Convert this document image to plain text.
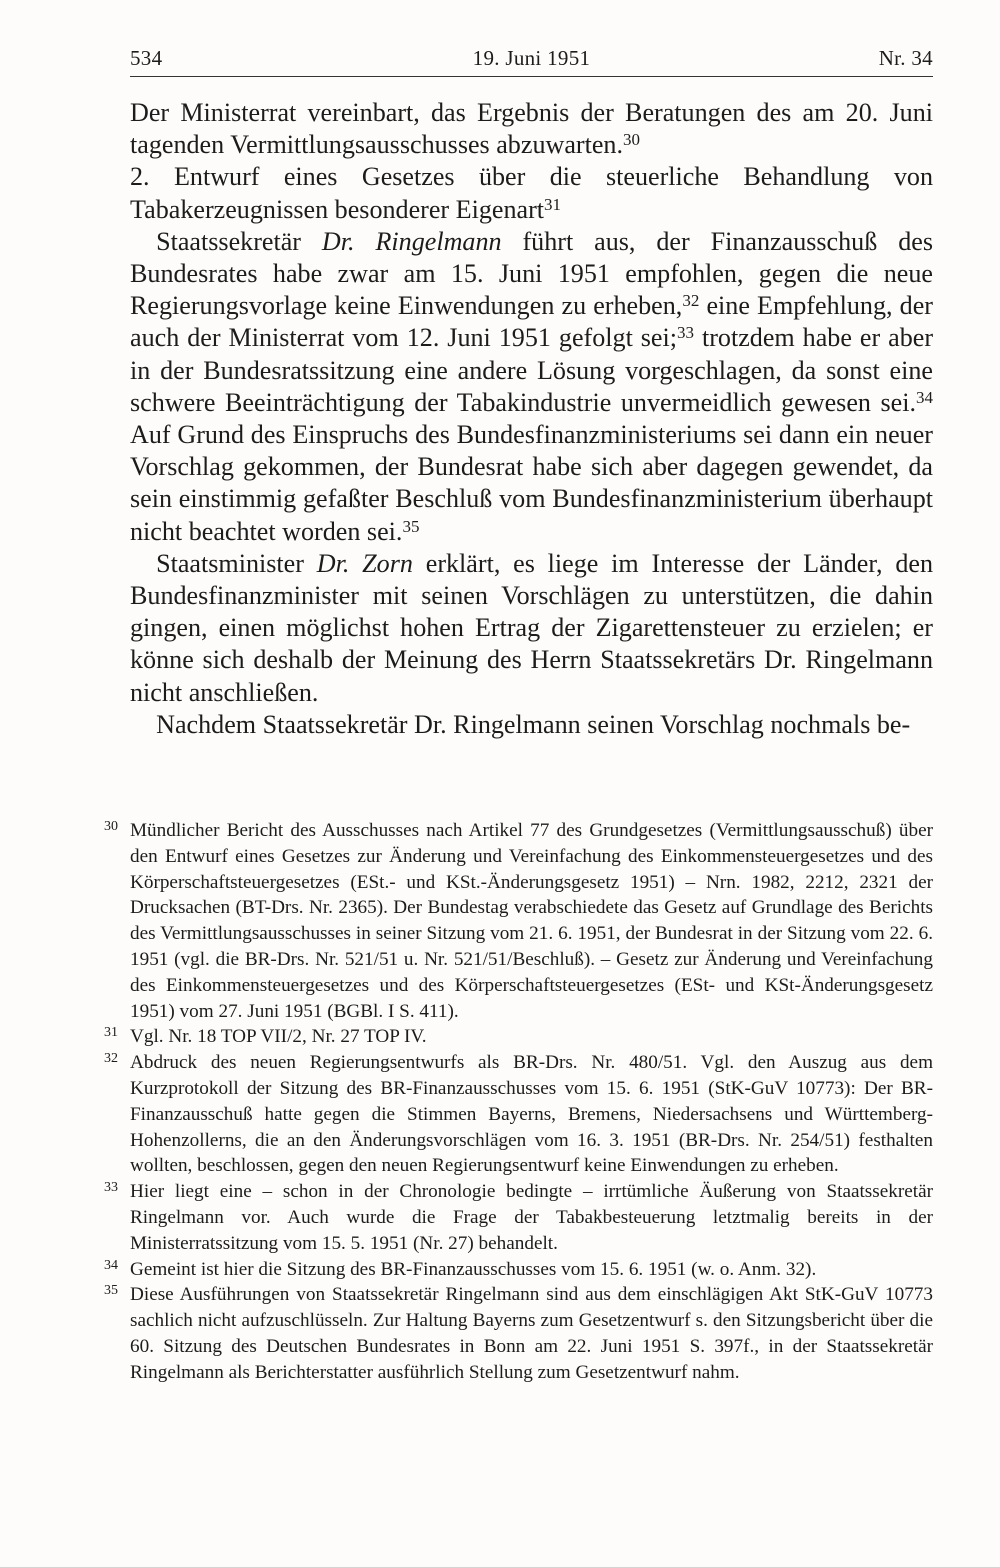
534	19. Juni 1951	Nr. 34

Der Ministerrat vereinbart, das Ergebnis der Beratungen des am 20. Juni tagenden Vermittlungsausschusses abzuwarten.$^{30}$

2. Entwurf eines Gesetzes über die steuerliche Behandlung von Tabakerzeugnissen besonderer Eigenart$^{31}$

 Staatssekretär Dr. Ringelmann führt aus, der Finanzausschuß des Bundesrates habe zwar am 15. Juni 1951 empfohlen, gegen die neue Regierungsvorlage keine Einwendungen zu erheben,$^{32}$ eine Empfehlung, der auch der Ministerrat vom 12. Juni 1951 gefolgt sei;$^{33}$ trotzdem habe er aber in der Bundesratssitzung eine andere Lösung vorgeschlagen, da sonst eine schwere Beeinträchtigung der Tabakindustrie unvermeidlich gewesen sei.$^{34}$ Auf Grund des Einspruchs des Bundesfinanzministeriums sei dann ein neuer Vorschlag gekommen, der Bundesrat habe sich aber dagegen gewendet, da sein einstimmig gefaßter Beschluß vom Bundesfinanzministerium überhaupt nicht beachtet worden sei.$^{35}$

 Staatsminister Dr. Zorn erklärt, es liege im Interesse der Länder, den Bundesfinanzminister mit seinen Vorschlägen zu unterstützen, die dahin gingen, einen möglichst hohen Ertrag der Zigarettensteuer zu erzielen; er könne sich deshalb der Meinung des Herrn Staatssekretärs Dr. Ringelmann nicht anschließen.

 Nachdem Staatssekretär Dr. Ringelmann seinen Vorschlag nochmals be-

30 Mündlicher Bericht des Ausschusses nach Artikel 77 des Grundgesetzes (Vermittlungsausschuß) über den Entwurf eines Gesetzes zur Änderung und Vereinfachung des Einkommensteuergesetzes und des Körperschaftsteuergesetzes (ESt.- und KSt.-Änderungsgesetz 1951) – Nrn. 1982, 2212, 2321 der Drucksachen (BT-Drs. Nr. 2365). Der Bundestag verabschiedete das Gesetz auf Grundlage des Berichts des Vermittlungsausschusses in seiner Sitzung vom 21. 6. 1951, der Bundesrat in der Sitzung vom 22. 6. 1951 (vgl. die BR-Drs. Nr. 521/51 u. Nr. 521/51/Beschluß). – Gesetz zur Änderung und Vereinfachung des Einkommensteuergesetzes und des Körperschaftsteuergesetzes (ESt- und KSt-Änderungsgesetz 1951) vom 27. Juni 1951 (BGBl. I S. 411).
31 Vgl. Nr. 18 TOP VII/2, Nr. 27 TOP IV.
32 Abdruck des neuen Regierungsentwurfs als BR-Drs. Nr. 480/51. Vgl. den Auszug aus dem Kurzprotokoll der Sitzung des BR-Finanzausschusses vom 15. 6. 1951 (StK-GuV 10773): Der BR-Finanzausschuß hatte gegen die Stimmen Bayerns, Bremens, Niedersachsens und Württemberg-Hohenzollerns, die an den Änderungsvorschlägen vom 16. 3. 1951 (BR-Drs. Nr. 254/51) festhalten wollten, beschlossen, gegen den neuen Regierungsentwurf keine Einwendungen zu erheben.
33 Hier liegt eine – schon in der Chronologie bedingte – irrtümliche Äußerung von Staatssekretär Ringelmann vor. Auch wurde die Frage der Tabakbesteuerung letztmalig bereits in der Ministerratssitzung vom 15. 5. 1951 (Nr. 27) behandelt.
34 Gemeint ist hier die Sitzung des BR-Finanzausschusses vom 15. 6. 1951 (w. o. Anm. 32).
35 Diese Ausführungen von Staatssekretär Ringelmann sind aus dem einschlägigen Akt StK-GuV 10773 sachlich nicht aufzuschlüsseln. Zur Haltung Bayerns zum Gesetzentwurf s. den Sitzungsbericht über die 60. Sitzung des Deutschen Bundesrates in Bonn am 22. Juni 1951 S. 397f., in der Staatssekretär Ringelmann als Berichterstatter ausführlich Stellung zum Gesetzentwurf nahm.
